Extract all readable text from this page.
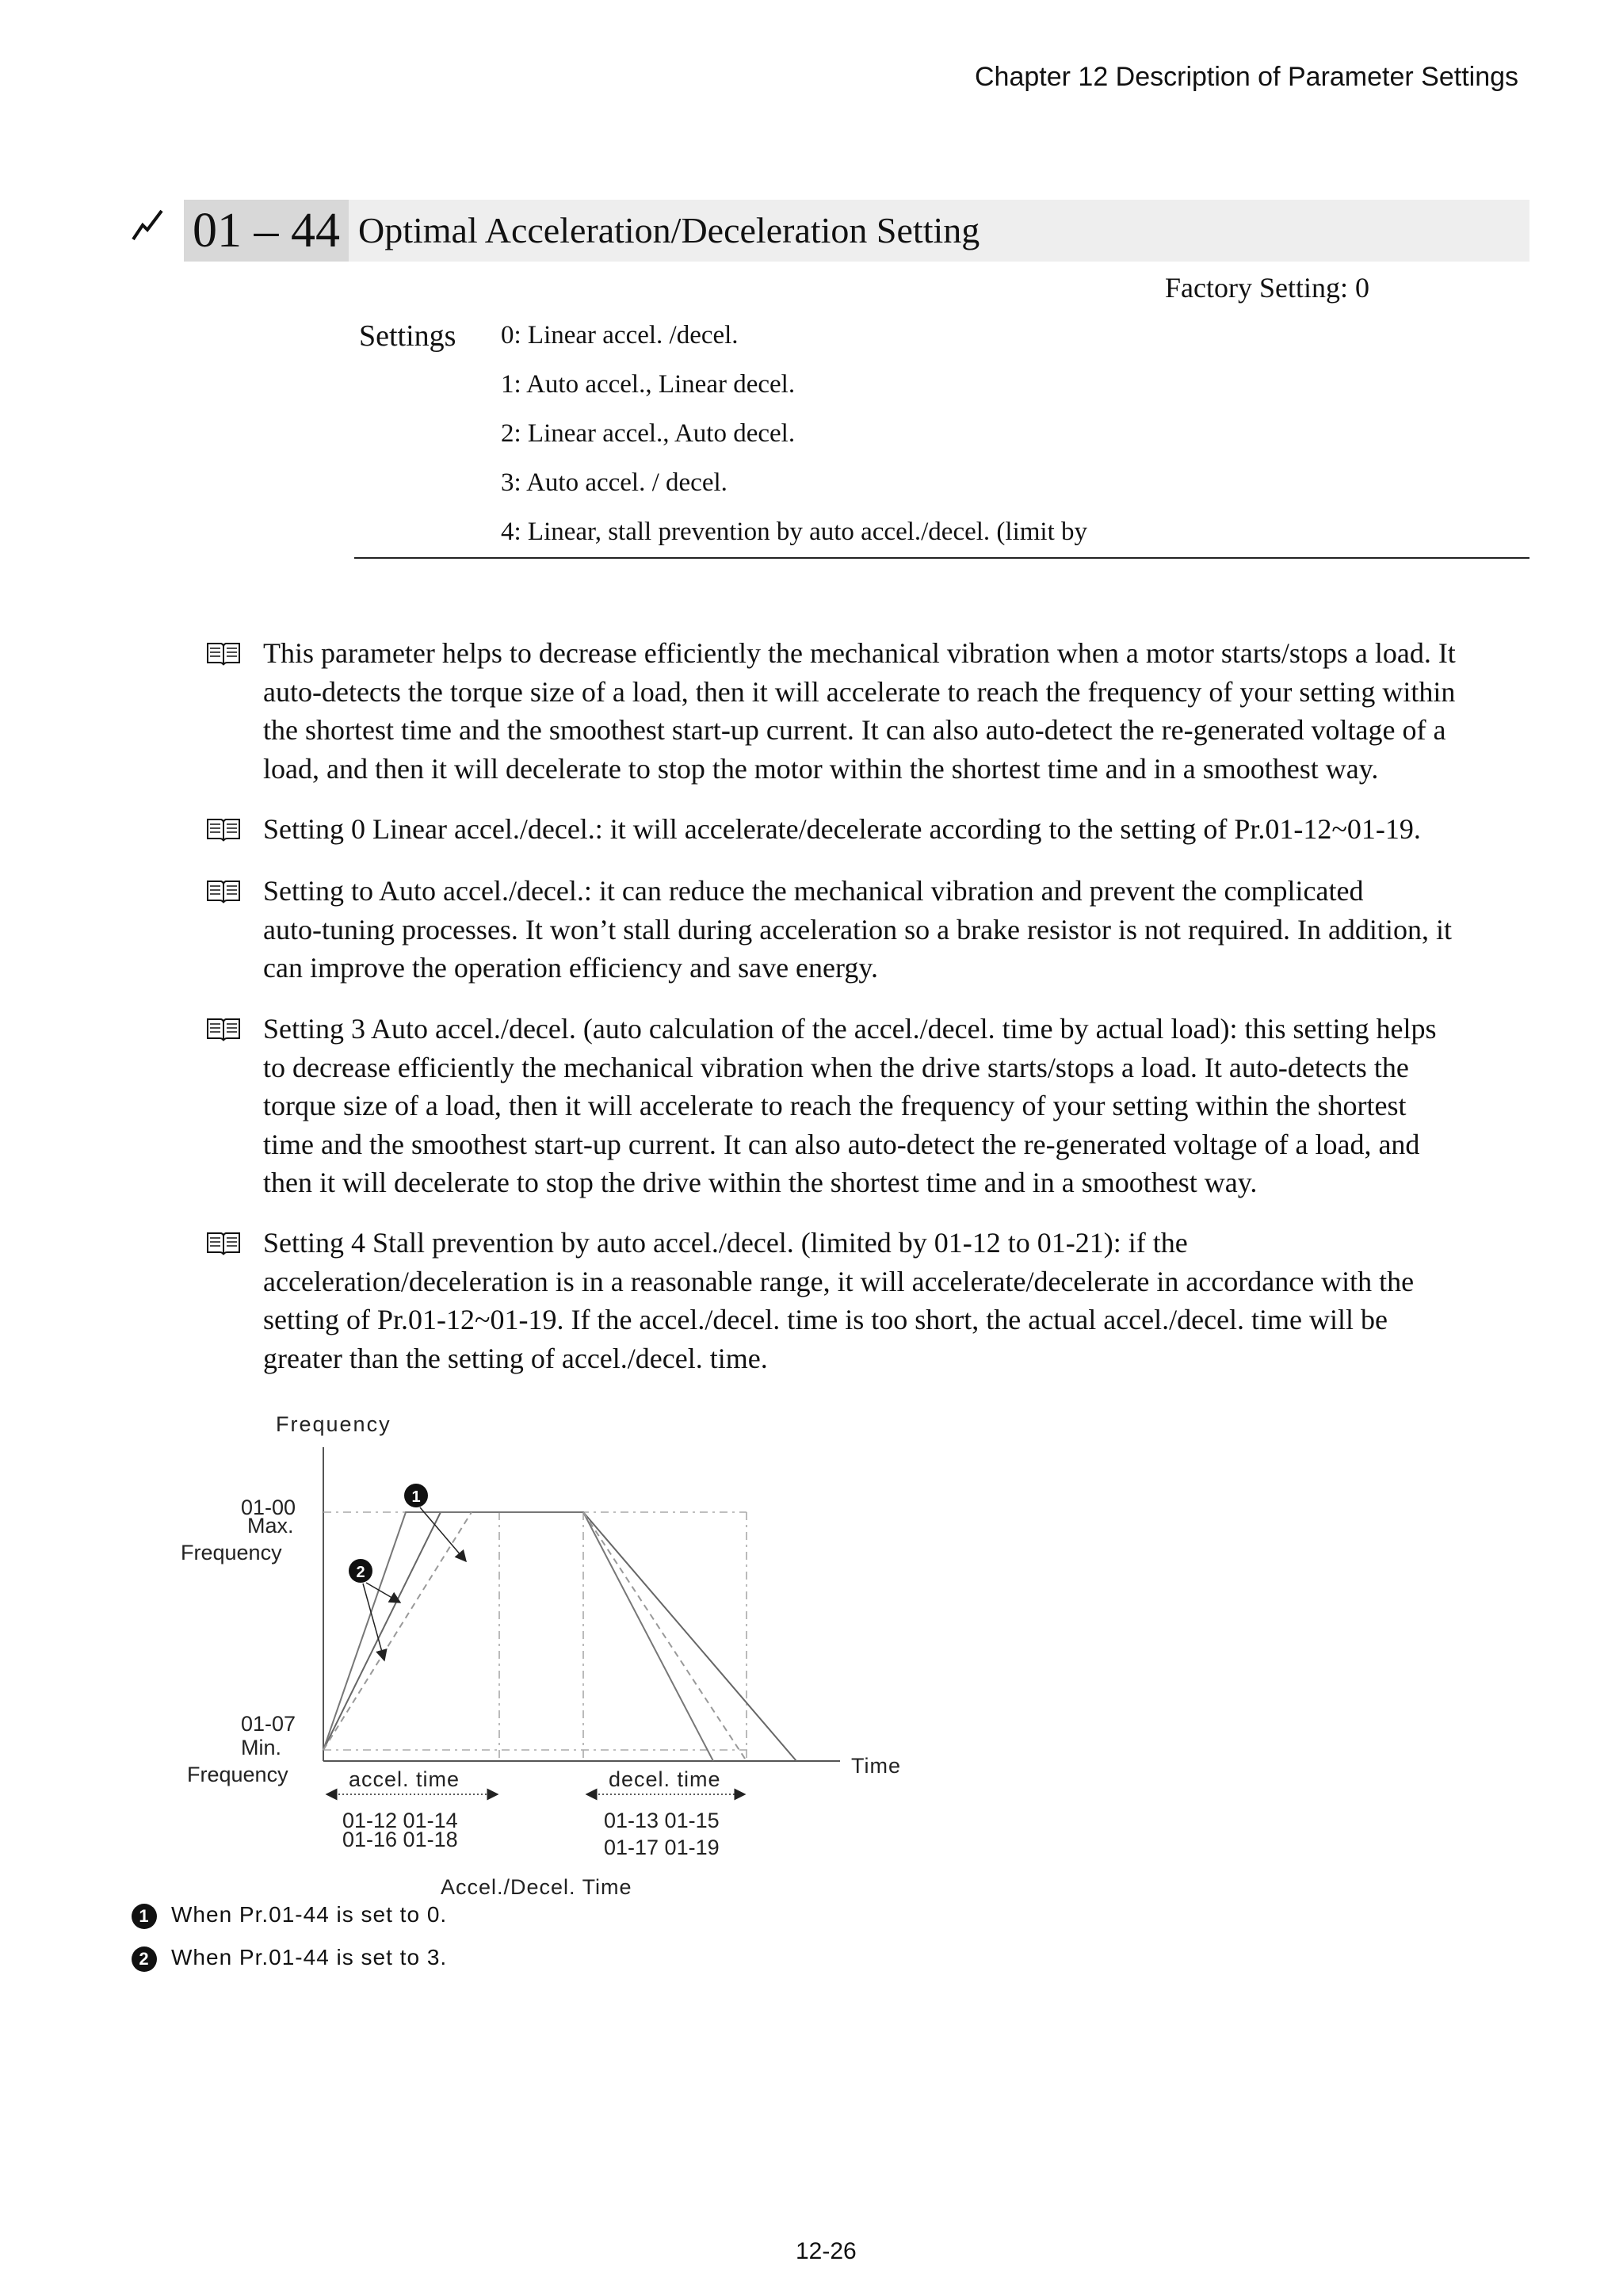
Chapter 12 Description of Parameter Settings
01 – 44 Optimal Acceleration/Deceleration Setting
Factory Setting: 0
Settings 0: Linear accel. /decel.
1: Auto accel., Linear decel.
2: Linear accel., Auto decel.
3: Auto accel. / decel.
4: Linear, stall prevention by auto accel./decel. (limit by
This parameter helps to decrease efficiently the mechanical vibration when a motor starts/stops a load. It
auto-detects the torque size of a load, then it will accelerate to reach the frequency of your setting within
the shortest time and the smoothest start-up current. It can also auto-detect the re-generated voltage of a
load, and then it will decelerate to stop the motor within the shortest time and in a smoothest way.
Setting 0 Linear accel./decel.: it will accelerate/decelerate according to the setting of Pr.01-12~01-19.
Setting to Auto accel./decel.: it can reduce the mechanical vibration and prevent the complicated
auto-tuning processes. It won’t stall during acceleration so a brake resistor is not required. In addition, it
can improve the operation efficiency and save energy.
Setting 3 Auto accel./decel. (auto calculation of the accel./decel. time by actual load): this setting helps
to decrease efficiently the mechanical vibration when the drive starts/stops a load. It auto-detects the
torque size of a load, then it will accelerate to reach the frequency of your setting within the shortest
time and the smoothest start-up current. It can also auto-detect the re-generated voltage of a load, and
then it will decelerate to stop the drive within the shortest time and in a smoothest way.
Setting 4 Stall prevention by auto accel./decel. (limited by 01-12 to 01-21): if the
acceleration/deceleration is in a reasonable range, it will accelerate/decelerate in accordance with the
setting of Pr.01-12~01-19. If the accel./decel. time is too short, the actual accel./decel. time will be
greater than the setting of accel./decel. time.
Frequency
01-00
Max.
Frequency
01-07
Min.
Frequency	Time
1
2
accel. time	decel. time
01-12 01-14
01-16 01-18
01-13 01-15
01-17 01-19
Accel./Decel. Time
1 When Pr.01-44 is set to 0.
2 When Pr.01-44 is set to 3.
12-26
